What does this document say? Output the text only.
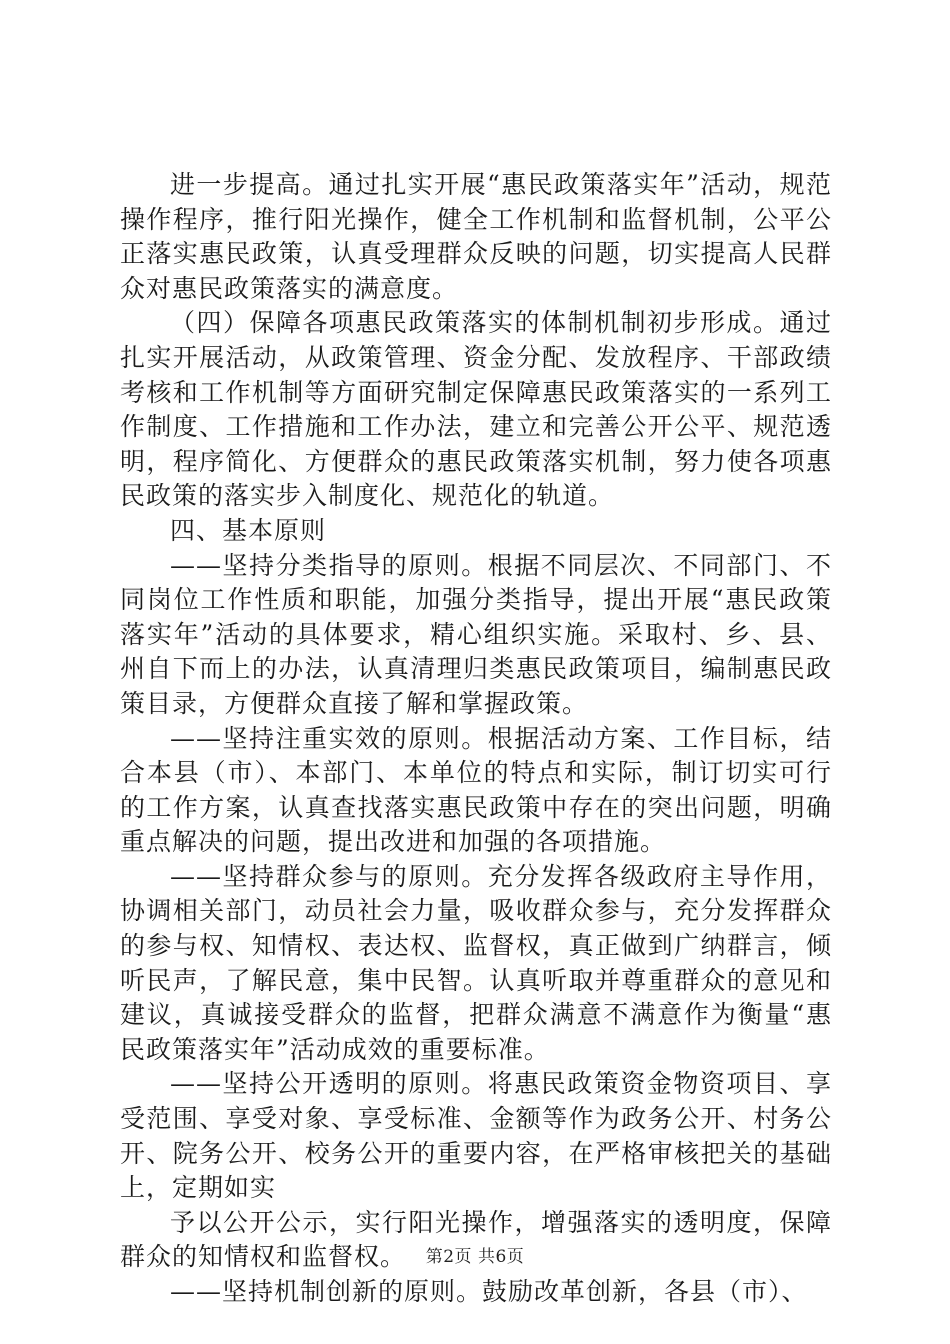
进一步提高。通过扎实开展“惠民政策落实年”活动，规范操作程序，推行阳光操作，健全工作机制和监督机制，公平公正落实惠民政策，认真受理群众反映的问题，切实提高人民群众对惠民政策落实的满意度。

（四）保障各项惠民政策落实的体制机制初步形成。通过扎实开展活动，从政策管理、资金分配、发放程序、干部政绩考核和工作机制等方面研究制定保障惠民政策落实的一系列工作制度、工作措施和工作办法，建立和完善公开公平、规范透明，程序简化、方便群众的惠民政策落实机制，努力使各项惠民政策的落实步入制度化、规范化的轨道。

四、基本原则

——坚持分类指导的原则。根据不同层次、不同部门、不同岗位工作性质和职能，加强分类指导，提出开展“惠民政策落实年”活动的具体要求，精心组织实施。采取村、乡、县、州自下而上的办法，认真清理归类惠民政策项目，编制惠民政策目录，方便群众直接了解和掌握政策。

——坚持注重实效的原则。根据活动方案、工作目标，结合本县（市）、本部门、本单位的特点和实际，制订切实可行的工作方案，认真查找落实惠民政策中存在的突出问题，明确重点解决的问题，提出改进和加强的各项措施。

——坚持群众参与的原则。充分发挥各级政府主导作用，协调相关部门，动员社会力量，吸收群众参与，充分发挥群众的参与权、知情权、表达权、监督权，真正做到广纳群言，倾听民声，了解民意，集中民智。认真听取并尊重群众的意见和建议，真诚接受群众的监督，把群众满意不满意作为衡量“惠民政策落实年”活动成效的重要标准。

——坚持公开透明的原则。将惠民政策资金物资项目、享受范围、享受对象、享受标准、金额等作为政务公开、村务公开、院务公开、校务公开的重要内容，在严格审核把关的基础上，定期如实

予以公开公示，实行阳光操作，增强落实的透明度，保障群众的知情权和监督权。

——坚持机制创新的原则。鼓励改革创新，各县（市）、

第2页 共6页
